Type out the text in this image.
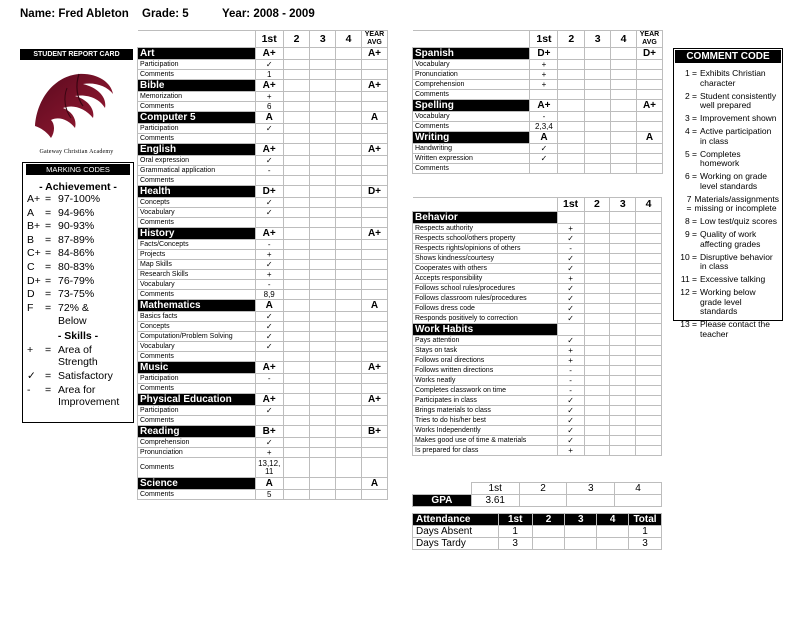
Name: Fred Ableton	Grade: 5	Year: 2008 - 2009
STUDENT REPORT CARD
Gateway Christian Academy
MARKING CODES
- Achievement -
A+ = 97-100%
A	= 94-96%
B+ = 90-93%
B	= 87-89%
C+ = 84-86%
C = 80-83%
D+ = 76-79%
D = 73-75%
F	= 72% & Below
- Skills -
+	= Area of Strength
✓ = Satisfactory
-	= Area for Improvement
	1st	2	3	4	YEAR
AVG

Art	A+				A+
Participation	✓				
Comments	1				
Bible	A+				A+
Memorization	+				
Comments	6				
Computer 5	A				A
Participation	✓				
Comments					
English	A+				A+
Oral expression	✓				
Grammatical application	-				
Comments					
Health	D+				D+
Concepts	✓				
Vocabulary	✓				
Comments					
History	A+				A+
Facts/Concepts	-				
Projects	+				
Map Skills	✓				
Research Skills	+				
Vocabulary	-				
Comments	8,9				
Mathematics	A				A
Basics facts	✓				
Concepts	✓				
Computation/Problem Solving	✓				
Vocabulary	✓				
Comments					
Music	A+				A+
Participation	-				
Comments					
Physical Education	A+				A+
Participation	✓				
Comments					
Reading	B+				B+
Comprehension	✓				
Pronunciation	+				
Comments	13,12, 11				
Science	A				A
Comments	5				
	1st	2	3	4	YEAR
AVG

Spanish	D+				D+
Vocabulary	+				
Pronunciation	+				
Comprehension	+				
Comments					
Spelling	A+				A+
Vocabulary	-				
Comments	2,3,4				
Writing	A				A
Handwriting	✓				
Written expression	✓				
Comments					
	1st	2	3	4
Behavior				
Respects authority	+			
Respects school/others property	✓			
Respects rights/opinions of others	-			
Shows kindness/courtesy	✓			
Cooperates with others	✓			
Accepts responsibility	+			
Follows school rules/procedures	✓			
Follows classroom rules/procedures	✓			
Follows dress code	✓			
Responds positively to correction	✓			
Work Habits				
Pays attention	✓			
Stays on task	+			
Follows oral directions	+			
Follows written directions	-			
Works neatly	-			
Completes classwork on time	-			
Participates in class	✓			
Brings materials to class	✓			
Tries to do his/her best	✓			
Works Independently	✓			
Makes good use of time & materials	✓			
Is prepared for class	+			
	1st	2	3	4
GPA	3.61			
Attendance	1st	2	3	4	Total
Days Absent	1				1
Days Tardy	3				3
COMMENT CODE
1 = Exhibits Christian character
2 = Student consistently well prepared
3 = Improvement shown
4 = Active participation in class
5 = Completes homework
6 = Working on grade level standards
7 =
Materials/assignments missing or incomplete
8 = Low test/quiz scores
9 = Quality of work affecting grades
10 = Disruptive behavior in class
11 = Excessive talking
12 = Working below grade level standards
13 = Please contact the teacher
